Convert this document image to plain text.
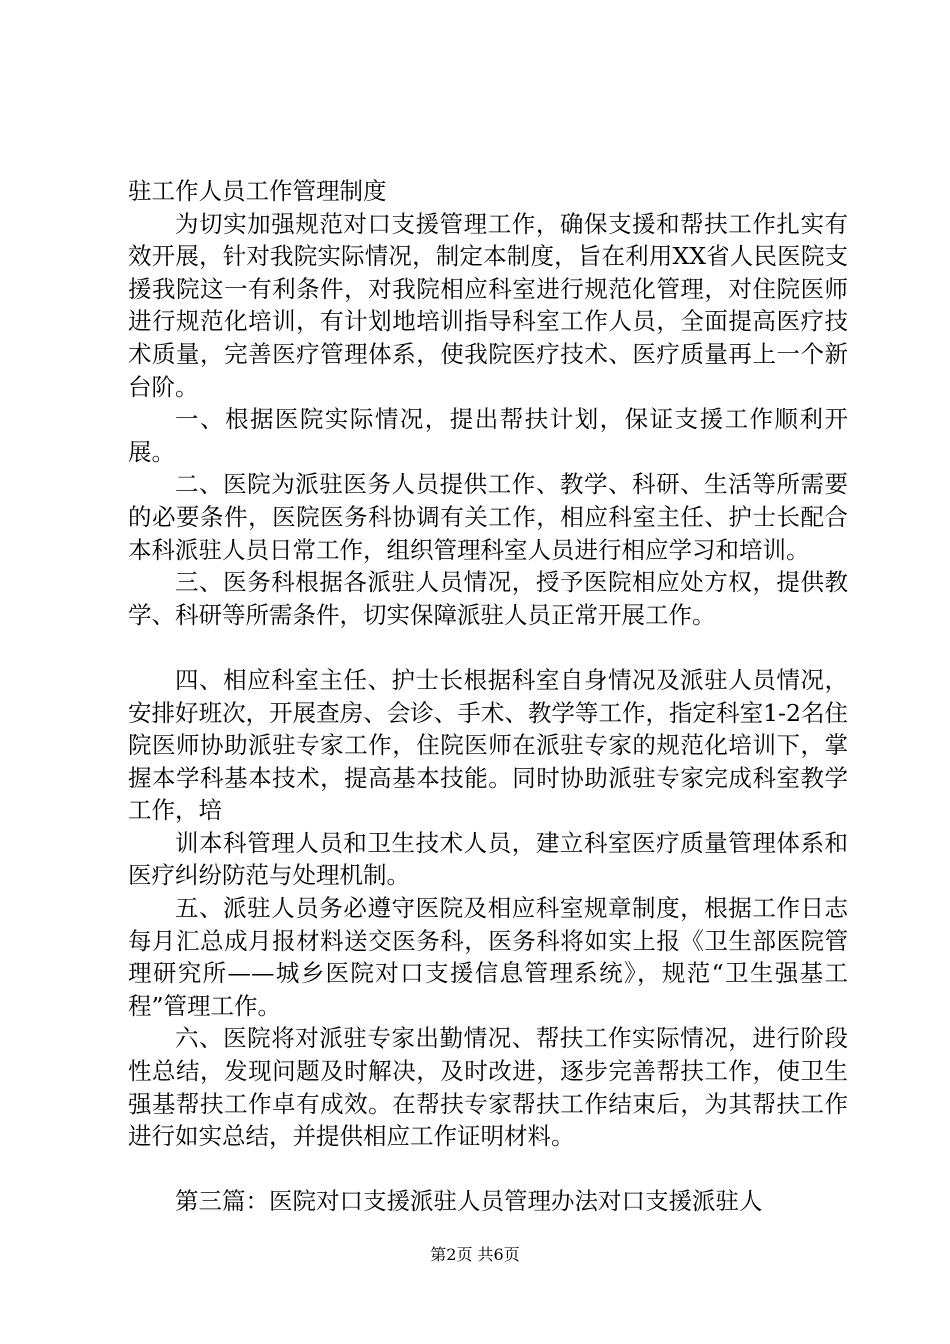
驻工作人员工作管理制度

为切实加强规范对口支援管理工作，确保支援和帮扶工作扎实有效开展，针对我院实际情况，制定本制度，旨在利用XX省人民医院支援我院这一有利条件，对我院相应科室进行规范化管理，对住院医师进行规范化培训，有计划地培训指导科室工作人员，全面提高医疗技术质量，完善医疗管理体系，使我院医疗技术、医疗质量再上一个新台阶。

一、根据医院实际情况，提出帮扶计划，保证支援工作顺利开展。

二、医院为派驻医务人员提供工作、教学、科研、生活等所需要的必要条件，医院医务科协调有关工作，相应科室主任、护士长配合本科派驻人员日常工作，组织管理科室人员进行相应学习和培训。

三、医务科根据各派驻人员情况，授予医院相应处方权，提供教学、科研等所需条件，切实保障派驻人员正常开展工作。

四、相应科室主任、护士长根据科室自身情况及派驻人员情况，安排好班次，开展查房、会诊、手术、教学等工作，指定科室1-2名住院医师协助派驻专家工作，住院医师在派驻专家的规范化培训下，掌握本学科基本技术，提高基本技能。同时协助派驻专家完成科室教学工作，培

训本科管理人员和卫生技术人员，建立科室医疗质量管理体系和医疗纠纷防范与处理机制。

五、派驻人员务必遵守医院及相应科室规章制度，根据工作日志每月汇总成月报材料送交医务科，医务科将如实上报《卫生部医院管理研究所——城乡医院对口支援信息管理系统》，规范“卫生强基工程”管理工作。

六、医院将对派驻专家出勤情况、帮扶工作实际情况，进行阶段性总结，发现问题及时解决，及时改进，逐步完善帮扶工作，使卫生强基帮扶工作卓有成效。在帮扶专家帮扶工作结束后，为其帮扶工作进行如实总结，并提供相应工作证明材料。

第三篇：医院对口支援派驻人员管理办法对口支援派驻人

第2页 共6页
